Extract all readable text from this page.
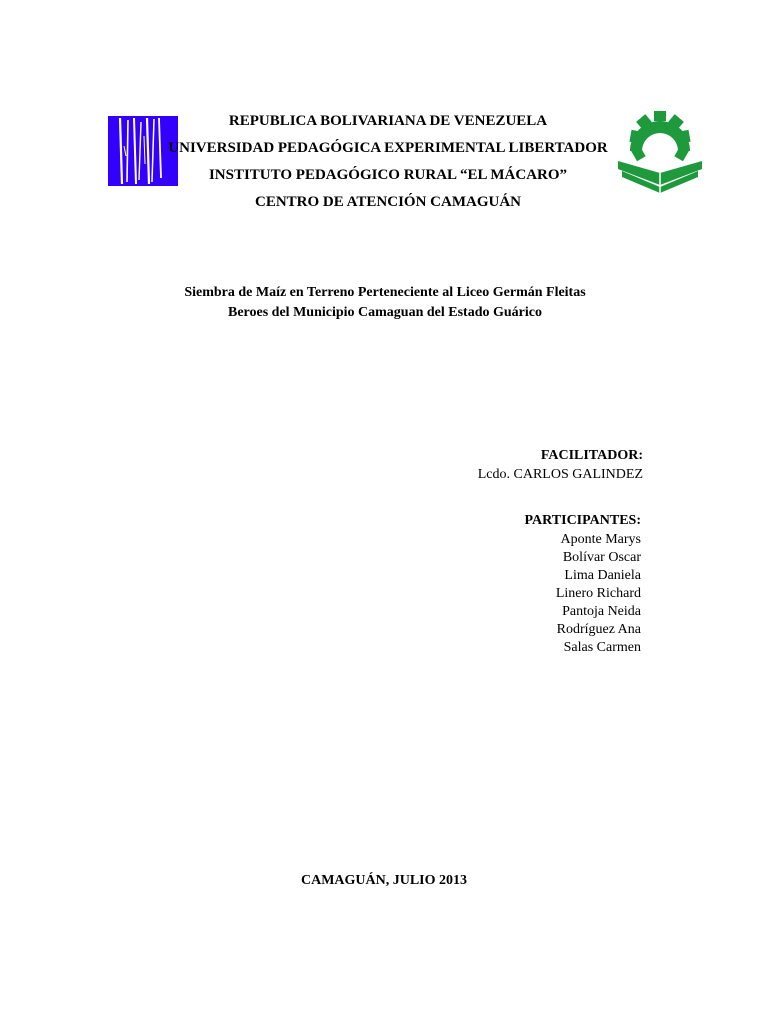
REPUBLICA BOLIVARIANA DE VENEZUELA
UNIVERSIDAD PEDAGÓGICA EXPERIMENTAL LIBERTADOR
INSTITUTO PEDAGÓGICO RURAL “EL MÁCARO”
CENTRO DE ATENCIÓN CAMAGUÁN
Siembra de Maíz en Terreno Perteneciente al Liceo Germán Fleitas
Beroes del Municipio Camaguan del Estado Guárico
FACILITADOR:
Lcdo. CARLOS GALINDEZ
PARTICIPANTES:
Aponte Marys
Bolívar Oscar
Lima Daniela
Linero Richard
Pantoja Neida
Rodríguez Ana
Salas Carmen
CAMAGUÁN, JULIO 2013
